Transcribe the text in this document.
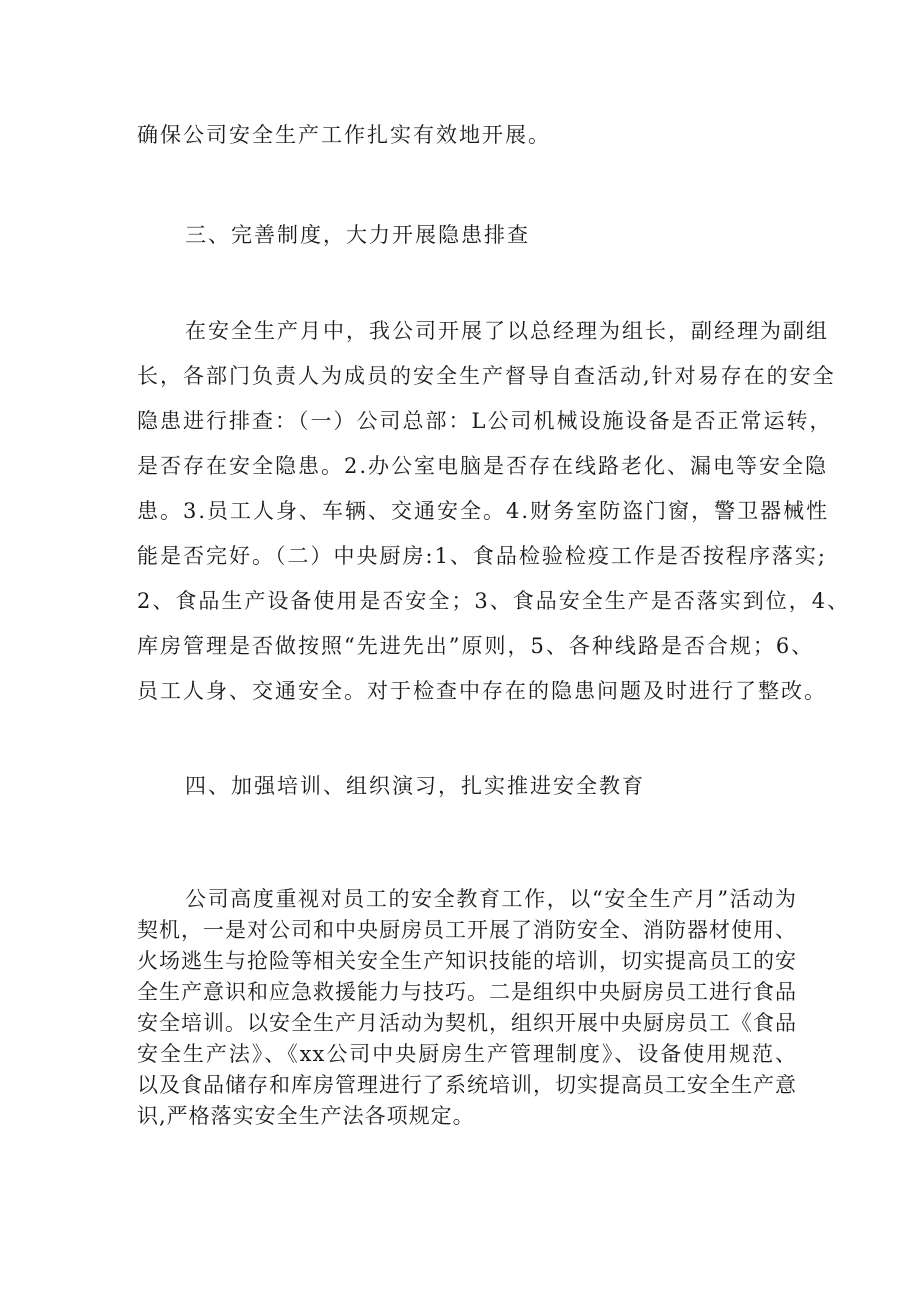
确保公司安全生产工作扎实有效地开展。
三、完善制度，大力开展隐患排查
在安全生产月中，我公司开展了以总经理为组长，副经理为副组
长，各部门负责人为成员的安全生产督导自查活动,针对易存在的安全
隐患进行排查：（一）公司总部：L公司机械设施设备是否正常运转，
是否存在安全隐患。2.办公室电脑是否存在线路老化、漏电等安全隐
患。3.员工人身、车辆、交通安全。4.财务室防盗门窗，警卫器械性
能是否完好。（二）中央厨房:1、食品检验检疫工作是否按程序落实;
2、食品生产设备使用是否安全；3、食品安全生产是否落实到位，4、
库房管理是否做按照“先进先出”原则，5、各种线路是否合规；6、
员工人身、交通安全。对于检查中存在的隐患问题及时进行了整改。
四、加强培训、组织演习，扎实推进安全教育
公司高度重视对员工的安全教育工作，以“安全生产月”活动为
契机，一是对公司和中央厨房员工开展了消防安全、消防器材使用、
火场逃生与抢险等相关安全生产知识技能的培训，切实提高员工的安
全生产意识和应急救援能力与技巧。二是组织中央厨房员工进行食品
安全培训。以安全生产月活动为契机，组织开展中央厨房员工《食品
安全生产法》、《xx公司中央厨房生产管理制度》、设备使用规范、
以及食品储存和库房管理进行了系统培训，切实提高员工安全生产意
识,严格落实安全生产法各项规定。
